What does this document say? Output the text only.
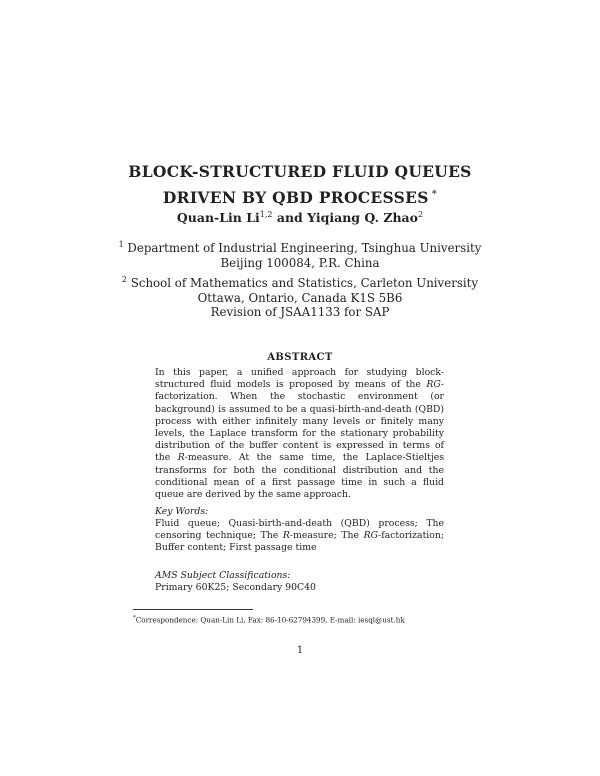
BLOCK-STRUCTURED FLUID QUEUES
DRIVEN BY QBD PROCESSES *
Quan-Lin Li$^{1,2}$ and Yiqiang Q. Zhao$^2$
$^1$ Department of Industrial Engineering, Tsinghua University
Beijing 100084, P.R. China
$^2$ School of Mathematics and Statistics, Carleton University
Ottawa, Ontario, Canada K1S 5B6
Revision of JSAA1133 for SAP
ABSTRACT
In this paper, a unified approach for studying block-structured fluid models is proposed by means of the RG-factorization. When the stochastic environment (or background) is assumed to be a quasi-birth-and-death (QBD) process with either infinitely many levels or finitely many levels, the Laplace transform for the stationary probability distribution of the buffer content is expressed in terms of the R-measure. At the same time, the Laplace-Stieltjes transforms for both the conditional distribution and the conditional mean of a first passage time in such a fluid queue are derived by the same approach.
Key Words:
Fluid queue; Quasi-birth-and-death (QBD) process; The censoring technique; The R-measure; The RG-factorization; Buffer content; First passage time
AMS Subject Classifications:
Primary 60K25; Secondary 90C40
*Correspondence: Quan-Lin Li, Fax: 86-10-62794399, E-mail: iesql@ust.hk
1
